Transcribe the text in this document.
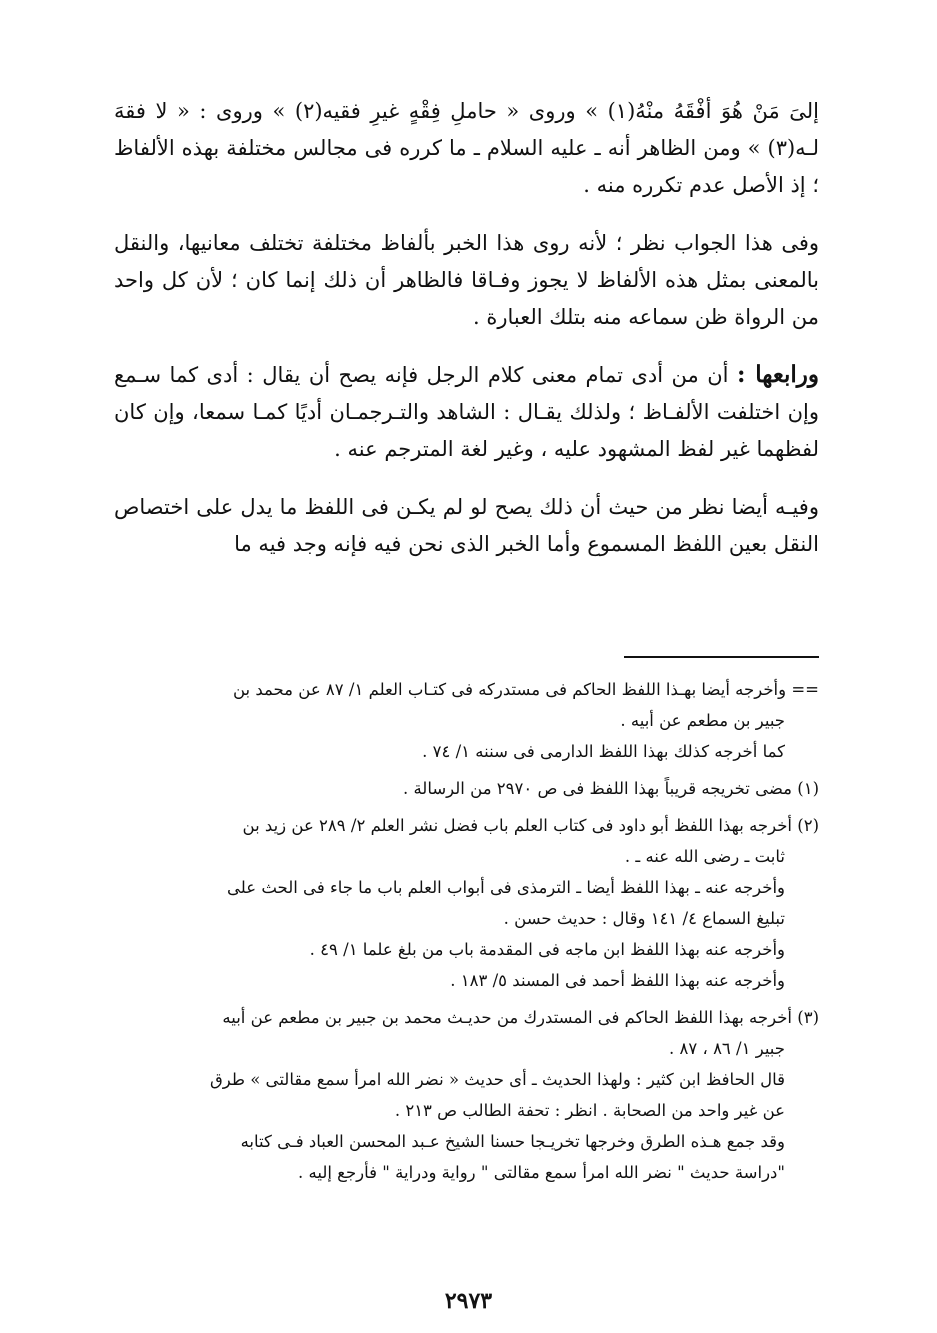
إلىَ مَنْ هُوَ أفْقَهُ منْهُ(١) » وروى « حاملِ فِقْهٍ غيرِ فقيه(٢) » وروى : « لا فقهَ لـه(٣) » ومن الظاهر أنه ـ عليه السلام ـ ما كرره فى مجالس مختلفة بهذه الألفاظ ؛ إذ الأصل عدم تكرره منه .

وفى هذا الجواب نظر ؛ لأنه روى هذا الخبر بألفاظ مختلفة تختلف معانيها، والنقل بالمعنى بمثل هذه الألفاظ لا يجوز وفـاقا فالظاهر أن ذلك إنما كان ؛ لأن كل واحد من الرواة ظن سماعه منه بتلك العبارة .

ورابعها : أن من أدى تمام معنى كلام الرجل فإنه يصح أن يقال : أدى كما سـمع وإن اختلفت الألفـاظ ؛ ولذلك يقـال : الشاهد والتـرجمـان أديًا كمـا سمعا، وإن كان لفظهما غير لفظ المشهود عليه ، وغير لغة المترجم عنه .

وفيـه أيضا نظر من حيث أن ذلك يصح لو لم يكـن فى اللفظ ما يدل على اختصاص النقل بعين اللفظ المسموع وأما الخبر الذى نحن فيه فإنه وجد فيه ما

== وأخرجه أيضا بهـذا اللفظ الحاكم فى مستدركه فى كتـاب العلم ١/ ٨٧ عن محمد بن
جبير بن مطعم عن أبيه .
كما أخرجه كذلك بهذا اللفظ الدارمى فى سننه ١/ ٧٤ .
(١) مضى تخريجه قريباً بهذا اللفظ فى ص ٢٩٧٠ من الرسالة .
(٢) أخرجه بهذا اللفظ أبو داود فى كتاب العلم باب فضل نشر العلم ٢/ ٢٨٩ عن زيد بن
ثابت ـ رضى الله عنه ـ .
وأخرجه عنه ـ بهذا اللفظ أيضا ـ الترمذى فى أبواب العلم باب ما جاء فى الحث على
تبليغ السماع ٤/ ١٤١ وقال : حديث حسن .
وأخرجه عنه بهذا اللفظ ابن ماجه فى المقدمة باب من بلغ علما ١/ ٤٩ .
وأخرجه عنه بهذا اللفظ أحمد فى المسند ٥/ ١٨٣ .
(٣) أخرجه بهذا اللفظ الحاكم فى المستدرك من حديـث محمد بن جبير بن مطعم عن أبيه
جبير ١/ ٨٦ ، ٨٧ .
قال الحافظ ابن كثير : ولهذا الحديث ـ أى حديث « نضر الله امرأ سمع مقالتى » طرق
عن غير واحد من الصحابة . انظر : تحفة الطالب ص ٢١٣ .
وقد جمع هـذه الطرق وخرجها تخريـجا حسنا الشيخ عـبد المحسن العباد فـى كتابه
"دراسة حديث " نضر الله امرأ سمع مقالتى " رواية ودراية " فأرجع إليه .
٢٩٧٣
